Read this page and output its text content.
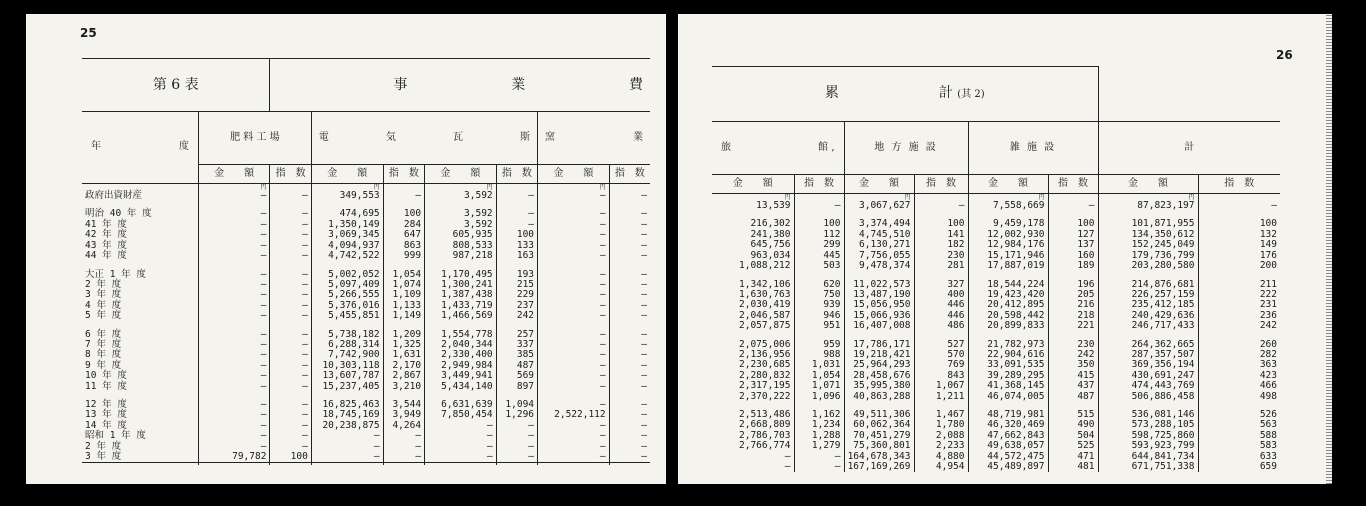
25
第 6 表		事 業 費						

年 度	肥 料 工 場		電 気 瓦 斯				窯 業	

	金　　額	指　数	金　　額	指　数	金　　額	指　数	金　　額	指　数
	円		円		円		円	
政府出資財産	—	—	349,553	—	3,592	—	—	—

明治 40 年 度	—	—	474,695	100	3,592	—	—	—
41 年 度	—	—	1,350,149	284	3,592	—	—	—
42 年 度	—	—	3,069,345	647	605,935	100	—	—
43 年 度	—	—	4,094,937	863	808,533	133	—	—
44 年 度	—	—	4,742,522	999	987,218	163	—	—

大正 1 年 度	—	—	5,002,052	1,054	1,170,495	193	—	—
2 年 度	—	—	5,097,409	1,074	1,300,241	215	—	—
3 年 度	—	—	5,266,555	1,109	1,387,438	229	—	—
4 年 度	—	—	5,376,016	1,133	1,433,719	237	—	—
5 年 度	—	—	5,455,851	1,149	1,466,569	242	—	—

6 年 度	—	—	5,738,182	1,209	1,554,778	257	—	—
7 年 度	—	—	6,288,314	1,325	2,040,344	337	—	—
8 年 度	—	—	7,742,900	1,631	2,330,400	385	—	—
9 年 度	—	—	10,303,118	2,170	2,949,984	487	—	—
10 年 度	—	—	13,607,787	2,867	3,449,941	569	—	—
11 年 度	—	—	15,237,405	3,210	5,434,140	897	—	—

12 年 度	—	—	16,825,463	3,544	6,631,639	1,094	—	—
13 年 度	—	—	18,745,169	3,949	7,850,454	1,296	2,522,112	—
14 年 度	—	—	20,238,875	4,264	—	—	—	—
昭和 1 年 度	—	—	—	—	—	—	—	—
2 年 度	—	—	—	—	—	—	—	—
3 年 度	79,782	100	—	—	—	—	—	—

26

累 計 (其 2)							

旅 館 ,		地 方 施 設		雑 施 設		計	
金　　額	指　数	金　　額	指　数	金　　額	指　数	金　　額	指　数
円		円		円		円	
13,539	—	3,067,627	—	7,558,669	—	87,823,197	—

216,302	100	3,374,494	100	9,459,178	100	101,871,955	100
241,380	112	4,745,510	141	12,002,930	127	134,350,612	132
645,756	299	6,130,271	182	12,984,176	137	152,245,049	149
963,034	445	7,756,055	230	15,171,946	160	179,736,799	176
1,088,212	503	9,478,374	281	17,887,019	189	203,280,580	200

1,342,106	620	11,022,573	327	18,544,224	196	214,876,681	211
1,630,763	750	13,487,190	400	19,423,420	205	226,257,159	222
2,030,419	939	15,056,950	446	20,412,895	216	235,412,185	231
2,046,587	946	15,066,936	446	20,598,442	218	240,429,636	236
2,057,875	951	16,407,008	486	20,899,833	221	246,717,433	242

2,075,006	959	17,786,171	527	21,782,973	230	264,362,665	260
2,136,956	988	19,218,421	570	22,904,616	242	287,357,507	282
2,230,685	1,031	25,964,293	769	33,091,535	350	369,356,194	363
2,280,832	1,054	28,458,676	843	39,289,295	415	430,691,247	423
2,317,195	1,071	35,995,380	1,067	41,368,145	437	474,443,769	466
2,370,222	1,096	40,863,288	1,211	46,074,005	487	506,886,458	498

2,513,486	1,162	49,511,306	1,467	48,719,981	515	536,081,146	526
2,668,809	1,234	60,062,364	1,780	46,320,469	490	573,288,105	563
2,786,703	1,288	70,451,279	2,088	47,662,843	504	598,725,860	588
2,766,774	1,279	75,360,801	2,233	49,638,057	525	593,923,799	583
—	—	164,678,343	4,880	44,572,475	471	644,841,734	633
—	—	167,169,269	4,954	45,489,897	481	671,751,338	659
